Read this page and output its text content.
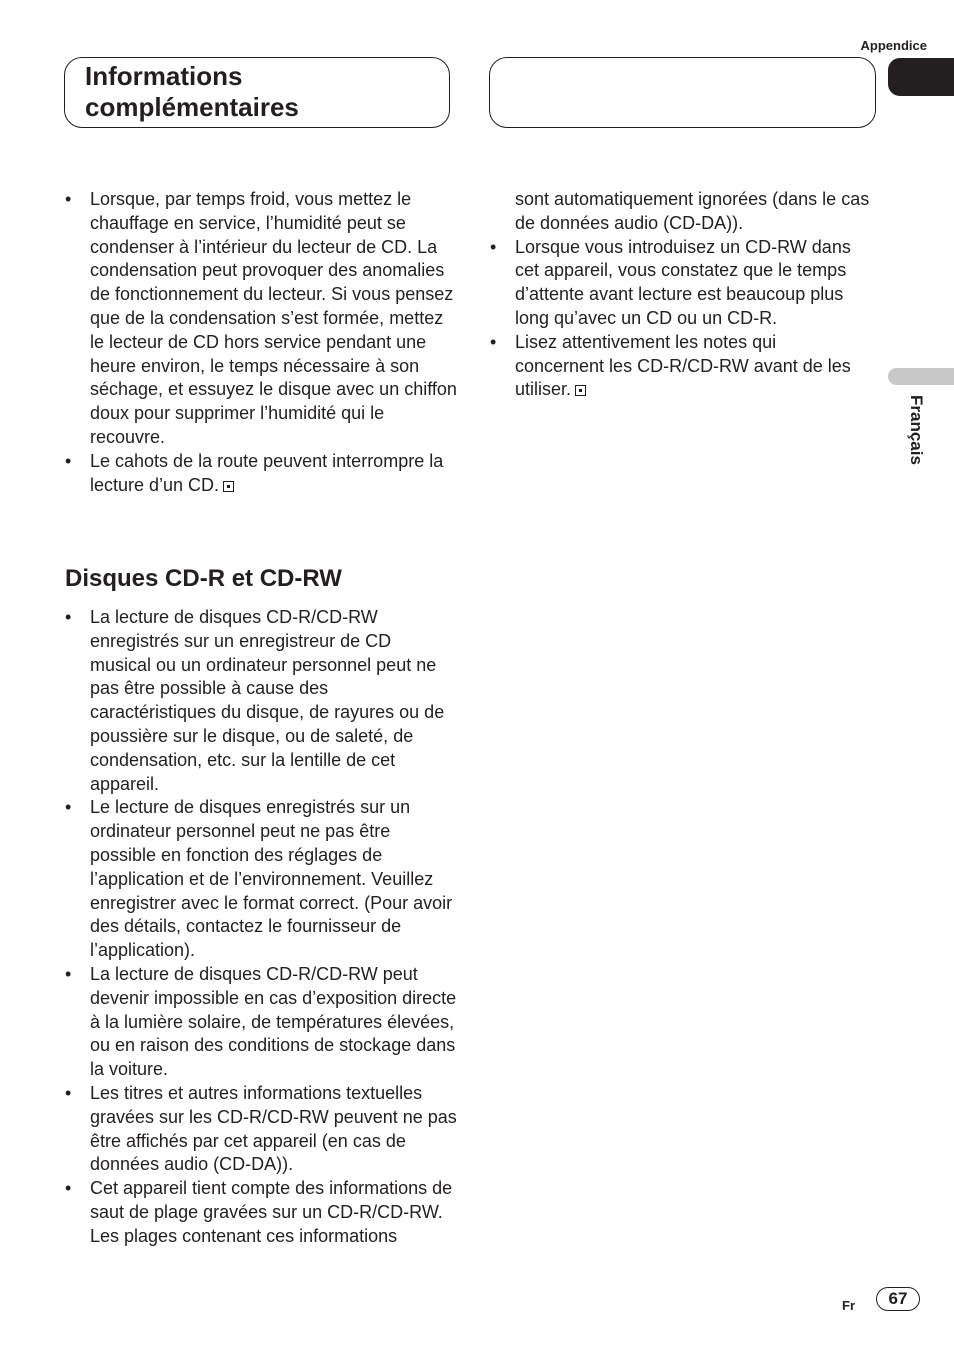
Appendice
Informations
complémentaires
Français
• Lorsque, par temps froid, vous mettez le chauffage en service, l’humidité peut se condenser à l’intérieur du lecteur de CD. La condensation peut provoquer des anomalies de fonctionnement du lecteur. Si vous pensez que de la condensation s’est formée, mettez le lecteur de CD hors service pendant une heure environ, le temps nécessaire à son séchage, et essuyez le disque avec un chiffon doux pour supprimer l’humidité qui le recouvre.
• Le cahots de la route peuvent interrompre la lecture d’un CD.
Disques CD-R et CD-RW
• La lecture de disques CD-R/CD-RW enregistrés sur un enregistreur de CD musical ou un ordinateur personnel peut ne pas être possible à cause des caractéristiques du disque, de rayures ou de poussière sur le disque, ou de saleté, de condensation, etc. sur la lentille de cet appareil.
• Le lecture de disques enregistrés sur un ordinateur personnel peut ne pas être possible en fonction des réglages de l’application et de l’environnement. Veuillez enregistrer avec le format correct. (Pour avoir des détails, contactez le fournisseur de l’application).
• La lecture de disques CD-R/CD-RW peut devenir impossible en cas d’exposition directe à la lumière solaire, de températures élevées, ou en raison des conditions de stockage dans la voiture.
• Les titres et autres informations textuelles gravées sur les CD-R/CD-RW peuvent ne pas être affichés par cet appareil (en cas de données audio (CD-DA)).
• Cet appareil tient compte des informations de saut de plage gravées sur un CD-R/CD-RW. Les plages contenant ces informations
sont automatiquement ignorées (dans le cas de données audio (CD-DA)).
• Lorsque vous introduisez un CD-RW dans cet appareil, vous constatez que le temps d’attente avant lecture est beaucoup plus long qu’avec un CD ou un CD-R.
• Lisez attentivement les notes qui concernent les CD-R/CD-RW avant de les utiliser.
Fr	67
